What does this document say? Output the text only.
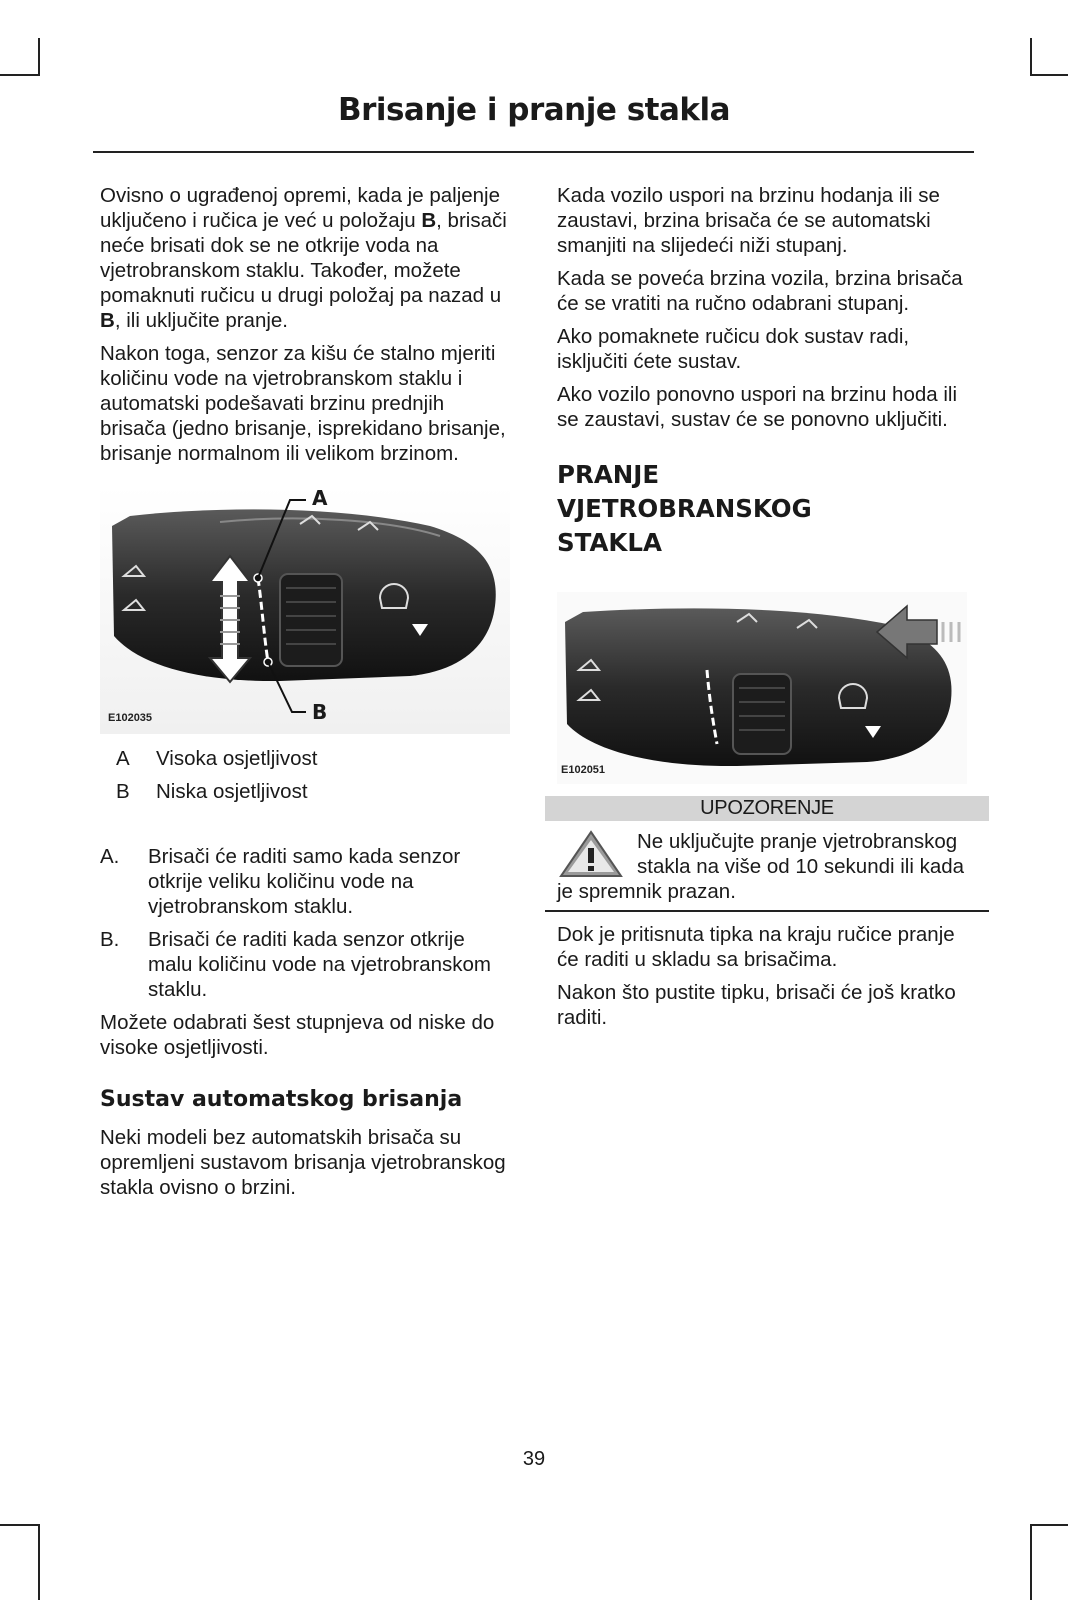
Brisanje i pranje stakla

Ovisno o ugrađenoj opremi, kada je paljenje uključeno i ručica je već u položaju B, brisači neće brisati dok se ne otkrije voda na vjetrobranskom staklu. Također, možete pomaknuti ručicu u drugi položaj pa nazad u B, ili uključite pranje.

Nakon toga, senzor za kišu će stalno mjeriti količinu vode na vjetrobranskom staklu i automatski podešavati brzinu prednjih brisača (jedno brisanje, isprekidano brisanje, brisanje normalnom ili velikom brzinom.

A
B
E102035
A	Visoka osjetljivost
B	Niska osjetljivost
A.	Brisači će raditi samo kada senzor otkrije veliku količinu vode na vjetrobranskom staklu.
B.	Brisači će raditi kada senzor otkrije malu količinu vode na vjetrobranskom staklu.

Možete odabrati šest stupnjeva od niske do visoke osjetljivosti.

Sustav automatskog brisanja

Neki modeli bez automatskih brisača su opremljeni sustavom brisanja vjetrobranskog stakla ovisno o brzini.

Kada vozilo uspori na brzinu hodanja ili se zaustavi, brzina brisača će se automatski smanjiti na slijedeći niži stupanj.

Kada se poveća brzina vozila, brzina brisača će se vratiti na ručno odabrani stupanj.

Ako pomaknete ručicu dok sustav radi, isključiti ćete sustav.

Ako vozilo ponovno uspori na brzinu hoda ili se zaustavi, sustav će se ponovno uključiti.

PRANJE
VJETROBRANSKOG
STAKLA
E102051
UPOZORENJE
Ne uključujte pranje vjetrobranskog stakla na više od 10 sekundi ili kada je spremnik prazan.

Dok je pritisnuta tipka na kraju ručice pranje će raditi u skladu sa brisačima.

Nakon što pustite tipku, brisači će još kratko raditi.

39
